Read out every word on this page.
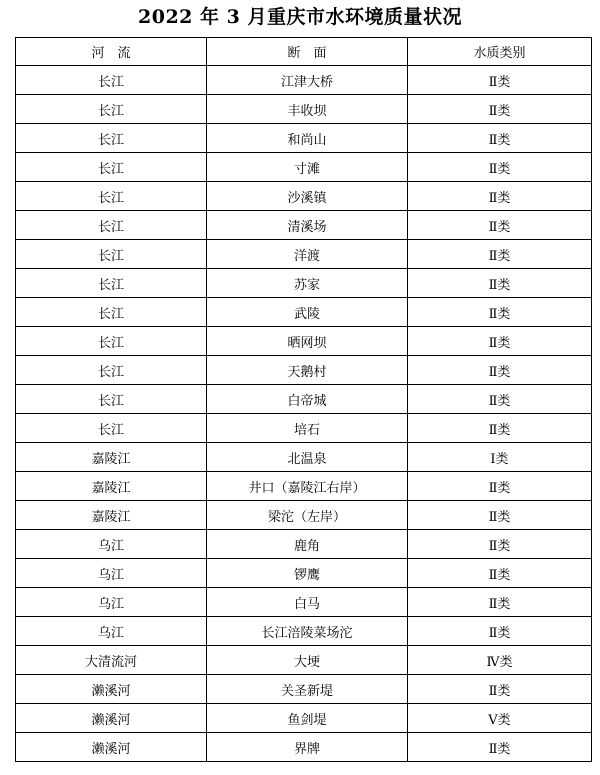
2022 年 3 月重庆市水环境质量状况
河　流	断　面	水质类别
长江	江津大桥	Ⅱ类
长江	丰收坝	Ⅱ类
长江	和尚山	Ⅱ类
长江	寸滩	Ⅱ类
长江	沙溪镇	Ⅱ类
长江	清溪场	Ⅱ类
长江	洋渡	Ⅱ类
长江	苏家	Ⅱ类
长江	武陵	Ⅱ类
长江	晒网坝	Ⅱ类
长江	天鹅村	Ⅱ类
长江	白帝城	Ⅱ类
长江	培石	Ⅱ类
嘉陵江	北温泉	Ⅰ类
嘉陵江	井口（嘉陵江右岸）	Ⅱ类
嘉陵江	梁沱（左岸）	Ⅱ类
乌江	鹿角	Ⅱ类
乌江	锣鹰	Ⅱ类
乌江	白马	Ⅱ类
乌江	长江涪陵菜场沱	Ⅱ类
大清流河	大埂	Ⅳ类
濑溪河	关圣新堤	Ⅱ类
濑溪河	鱼剑堤	Ⅴ类
濑溪河	界牌	Ⅱ类
